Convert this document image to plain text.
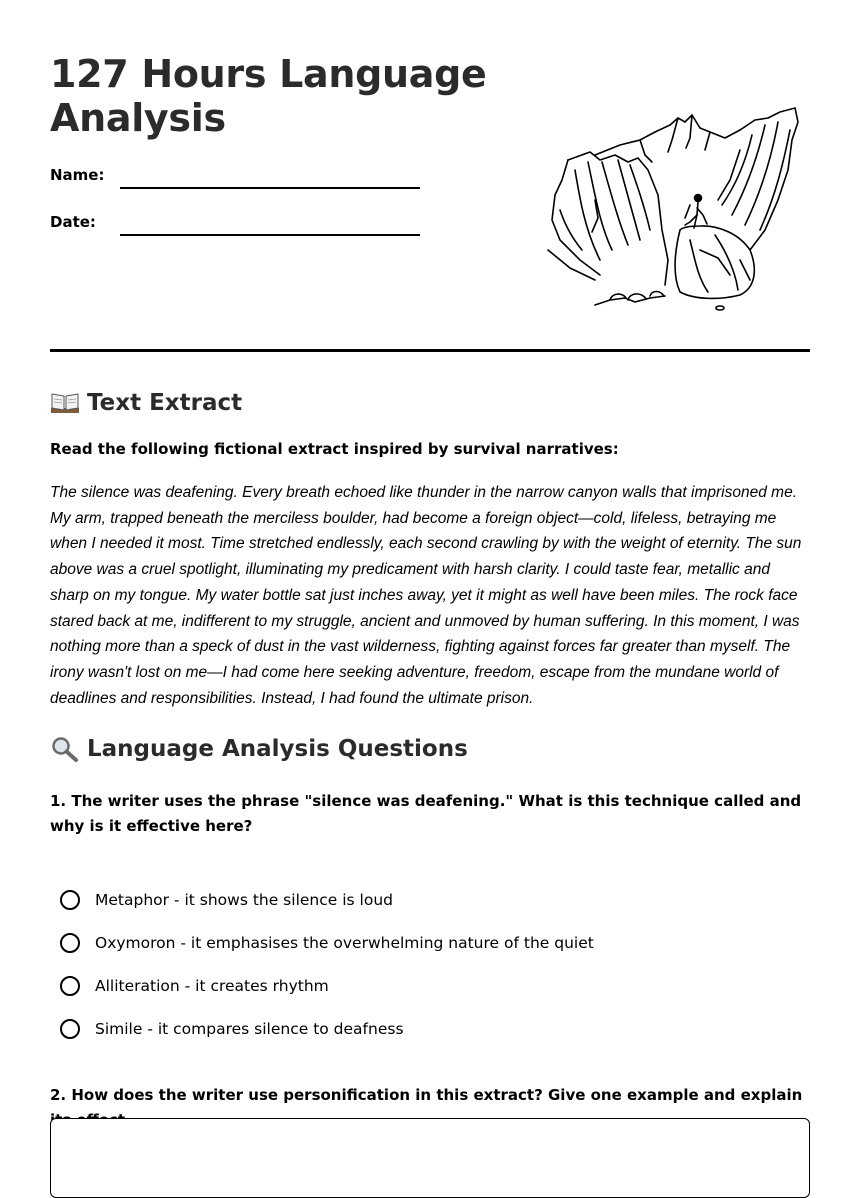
127 Hours Language Analysis
Name:
Date:
Text Extract
Read the following fictional extract inspired by survival narratives:

The silence was deafening. Every breath echoed like thunder in the narrow canyon walls that imprisoned me. My arm, trapped beneath the merciless boulder, had become a foreign object—cold, lifeless, betraying me when I needed it most. Time stretched endlessly, each second crawling by with the weight of eternity. The sun above was a cruel spotlight, illuminating my predicament with harsh clarity. I could taste fear, metallic and sharp on my tongue. My water bottle sat just inches away, yet it might as well have been miles. The rock face stared back at me, indifferent to my struggle, ancient and unmoved by human suffering. In this moment, I was nothing more than a speck of dust in the vast wilderness, fighting against forces far greater than myself. The irony wasn't lost on me—I had come here seeking adventure, freedom, escape from the mundane world of deadlines and responsibilities. Instead, I had found the ultimate prison.

Language Analysis Questions

1. The writer uses the phrase "silence was deafening." What is this technique called and why is it effective here?

Metaphor - it shows the silence is loud
Oxymoron - it emphasises the overwhelming nature of the quiet
Alliteration - it creates rhythm
Simile - it compares silence to deafness

2. How does the writer use personification in this extract? Give one example and explain
